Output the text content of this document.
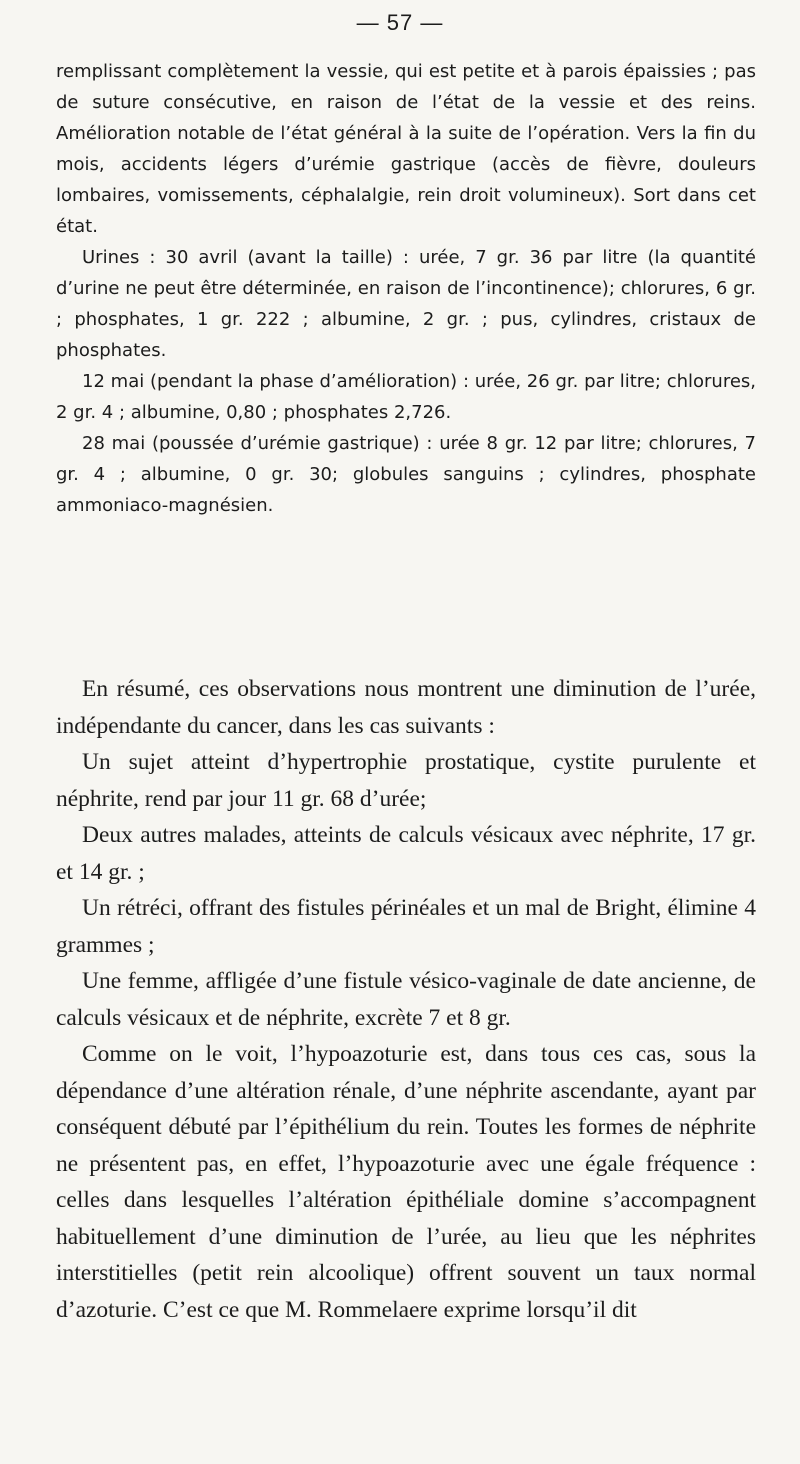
— 57 —

remplissant complètement la vessie, qui est petite et à parois épaissies ; pas de suture consécutive, en raison de l’état de la vessie et des reins. Amélioration notable de l’état général à la suite de l’opération. Vers la fin du mois, accidents légers d’urémie gastrique (accès de fièvre, douleurs lombaires, vomissements, céphalalgie, rein droit volumineux). Sort dans cet état.

Urines : 30 avril (avant la taille) : urée, 7 gr. 36 par litre (la quantité d’urine ne peut être déterminée, en raison de l’incontinence); chlorures, 6 gr. ; phosphates, 1 gr. 222 ; albumine, 2 gr. ; pus, cylindres, cristaux de phosphates.

12 mai (pendant la phase d’amélioration) : urée, 26 gr. par litre; chlorures, 2 gr. 4 ; albumine, 0,80 ; phosphates 2,726.

28 mai (poussée d’urémie gastrique) : urée 8 gr. 12 par litre; chlorures, 7 gr. 4 ; albumine, 0 gr. 30; globules sanguins ; cylindres, phosphate ammoniaco-magnésien.

En résumé, ces observations nous montrent une diminution de l’urée, indépendante du cancer, dans les cas suivants :

Un sujet atteint d’hypertrophie prostatique, cystite purulente et néphrite, rend par jour 11 gr. 68 d’urée;

Deux autres malades, atteints de calculs vésicaux avec néphrite, 17 gr. et 14 gr. ;

Un rétréci, offrant des fistules périnéales et un mal de Bright, élimine 4 grammes ;

Une femme, affligée d’une fistule vésico-vaginale de date ancienne, de calculs vésicaux et de néphrite, excrète 7 et 8 gr.

Comme on le voit, l’hypoazoturie est, dans tous ces cas, sous la dépendance d’une altération rénale, d’une néphrite ascendante, ayant par conséquent débuté par l’épithélium du rein. Toutes les formes de néphrite ne présentent pas, en effet, l’hypoazoturie avec une égale fréquence : celles dans lesquelles l’altération épithéliale domine s’accompagnent habituellement d’une diminution de l’urée, au lieu que les néphrites interstitielles (petit rein alcoolique) offrent souvent un taux normal d’azoturie. C’est ce que M. Rommelaere exprime lorsqu’il dit
